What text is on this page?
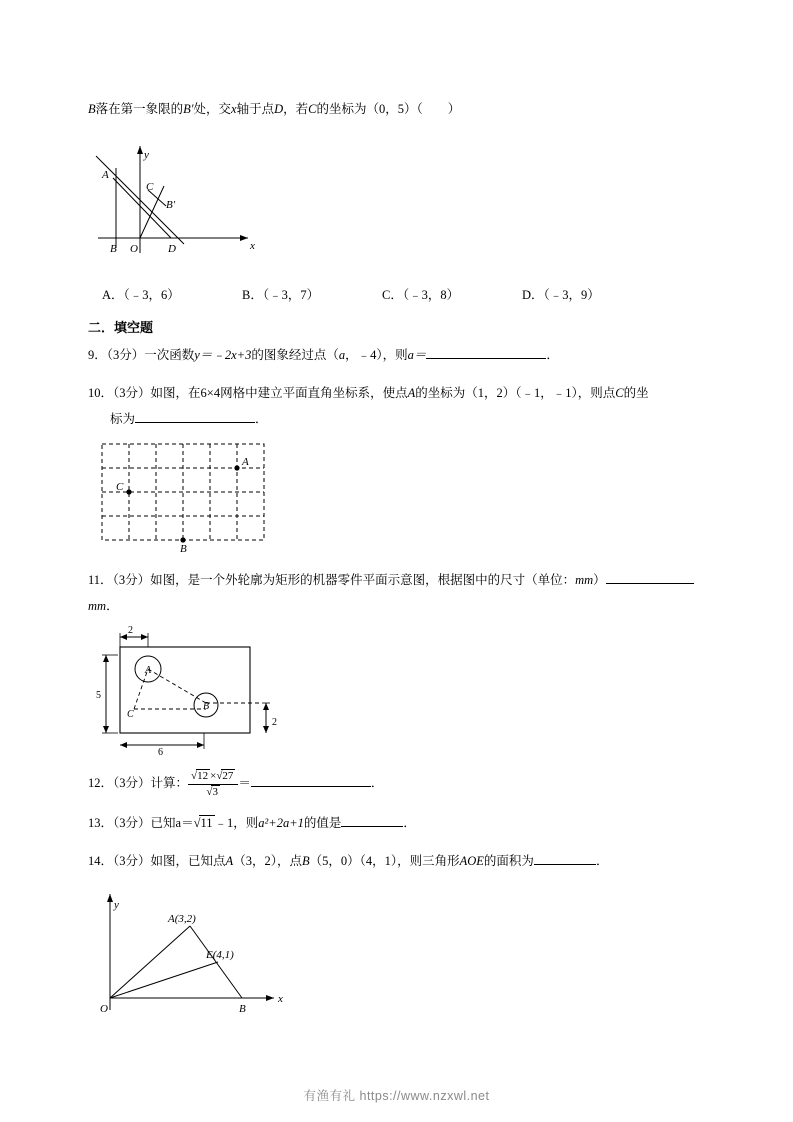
B落在第一象限的B′处，交x轴于点D，若C的坐标为（0，5）（　　）
A
y
C
B′
B O	D	x
A．（﹣3，6）	B．（﹣3，7）	C．（﹣3，8）	D．（﹣3，9）
二．填空题
9．（3分）一次函数y＝﹣2x+3的图象经过点（a，﹣4），则a＝	．
10．（3分）如图，在6×4网格中建立平面直角坐标系，使点A的坐标为（1，2）（﹣1，﹣1），则点C的坐
标为	．
A
C
B
11．（3分）如图，是一个外轮廓为矩形的机器零件平面示意图，根据图中的尺寸（单位：mm）mm．
2
5
6
2
A
B
C
12．（3分）计算： $\frac{√12 \times√27}{√3}$ ＝	．
13．（3分）已知a＝√11 ﹣1，则a²+2a+1的值是	．
14．（3分）如图，已知点A（3，2），点B（5，0）（4，1），则三角形AOE的面积为	．
y
x
O
A(3,2)
E(4,1)
B
有渔有礼 https://www.nzxwl.net
